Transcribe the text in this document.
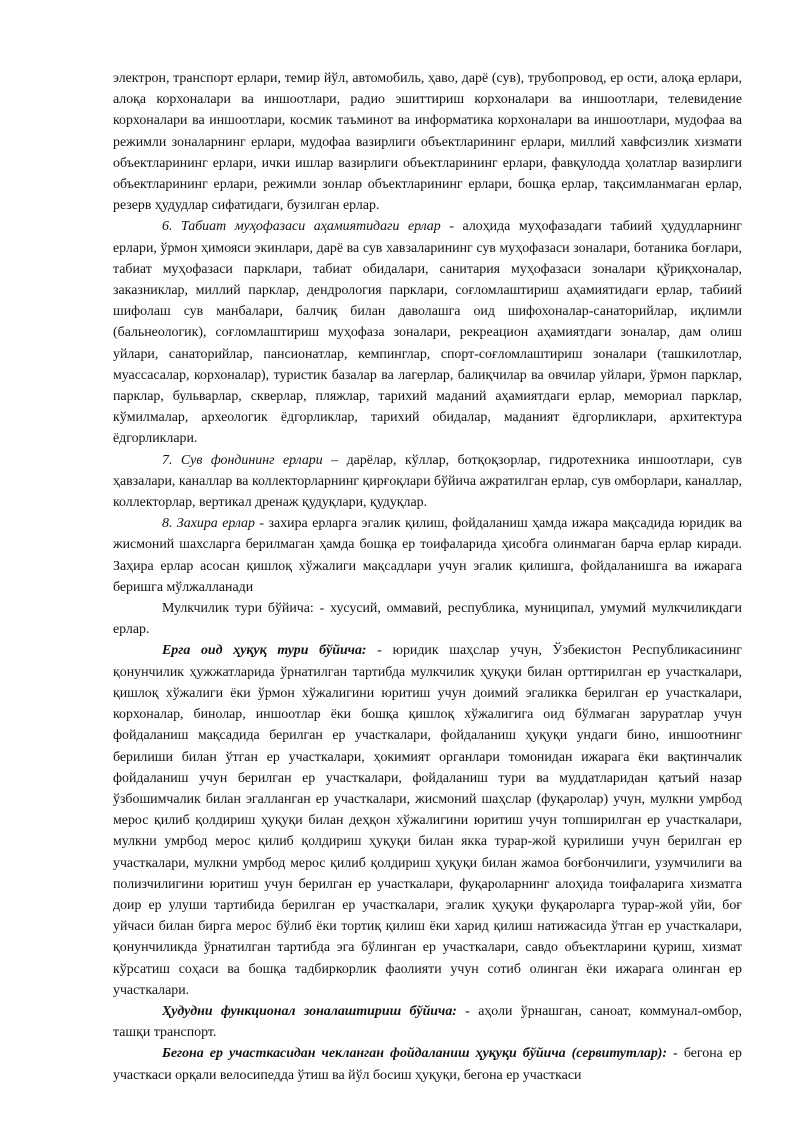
электрон, транспорт ерлари, темир йўл, автомобиль, ҳаво, дарё (сув), трубопровод, ер ости, алоқа ерлари, алоқа корхоналари ва иншоотлари, радио эшиттириш корхоналари ва иншоотлари, телевидение корхоналари ва иншоотлари, космик таъминот ва информатика корхоналари ва иншоотлари, мудофаа ва режимли зоналарнинг ерлари, мудофаа вазирлиги объектларининг ерлари, миллий хавфсизлик хизмати объектларининг ерлари, ички ишлар вазирлиги объектларининг ерлари, фавқулодда ҳолатлар вазирлиги объектларининг ерлари, режимли зонлар объектларининг ерлари, бошқа ерлар, тақсимланмаган ерлар, резерв ҳудудлар сифатидаги, бузилган ерлар.

6. Табиат муҳофазаси аҳамиятидаги ерлар - алоҳида муҳофазадаги табиий ҳудудларнинг ерлари, ўрмон ҳимояси экинлари, дарё ва сув хавзаларининг сув муҳофазаси зоналари, ботаника боғлари, табиат муҳофазаси парклари, табиат обидалари, санитария муҳофазаси зоналари қўриқхоналар, заказниклар, миллий парклар, дендрология парклари, соғломлаштириш аҳамиятидаги ерлар, табиий шифолаш сув манбалари, балчиқ билан даволашга оид шифохоналар-санаторийлар, иқлимли (бальнеологик), соғломлаштириш муҳофаза зоналари, рекреацион аҳамиятдаги зоналар, дам олиш уйлари, санаторийлар, пансионатлар, кемпинглар, спорт-соғломлаштириш зоналари (ташкилотлар, муассасалар, корхоналар), туристик базалар ва лагерлар, балиқчилар ва овчилар уйлари, ўрмон парклар, парклар, бульварлар, скверлар, пляжлар, тарихий маданий аҳамиятдаги ерлар, мемориал парклар, кўмилмалар, археологик ёдгорликлар, тарихий обидалар, маданият ёдгорликлари, архитектура ёдгорликлари.

7. Сув фондининг ерлари – дарёлар, кўллар, ботқоқзорлар, гидротехника иншоотлари, сув ҳавзалари, каналлар ва коллекторларнинг қирғоқлари бўйича ажратилган ерлар, сув омборлари, каналлар, коллекторлар, вертикал дренаж қудуқлари, қудуқлар.

8. Захира ерлар - захира ерларга эгалик қилиш, фойдаланиш ҳамда ижара мақсадида юридик ва жисмоний шахсларга берилмаган ҳамда бошқа ер тоифаларида ҳисобга олинмаган барча ерлар киради. Заҳира ерлар асосан қишлоқ хўжалиги мақсадлари учун эгалик қилишга, фойдаланишга ва ижарага беришга мўлжалланади

Мулкчилик тури бўйича: - хусусий, оммавий, республика, муниципал, умумий мулкчиликдаги ерлар.

Ерга оид ҳуқуқ тури бўйича: - юридик шаҳслар учун, Ўзбекистон Республикасининг қонунчилик ҳужжатларида ўрнатилган тартибда мулкчилик ҳуқуқи билан орттирилган ер участкалари, қишлоқ хўжалиги ёки ўрмон хўжалигини юритиш учун доимий эгаликка берилган ер участкалари, корхоналар, бинолар, иншоотлар ёки бошқа қишлоқ хўжалигига оид бўлмаган заруратлар учун фойдаланиш мақсадида берилган ер участкалари, фойдаланиш ҳуқуқи ундаги бино, иншоотнинг берилиши билан ўтган ер участкалари, ҳокимият органлари томонидан ижарага ёки вақтинчалик фойдаланиш учун берилган ер участкалари, фойдаланиш тури ва муддатларидан қатъий назар ўзбошимчалик билан эгалланган ер участкалари, жисмоний шаҳслар (фуқаролар) учун, мулкни умрбод мерос қилиб қолдириш ҳуқуқи билан деҳқон хўжалигини юритиш учун топширилган ер участкалари, мулкни умрбод мерос қилиб қолдириш ҳуқуқи билан якка турар-жой қурилиши учун берилган ер участкалари, мулкни умрбод мерос қилиб қолдириш ҳуқуқи билан жамоа боғбончилиги, узумчилиги ва полизчилигини юритиш учун берилган ер участкалари, фуқароларнинг алоҳида тоифаларига хизматга доир ер улуши тартибида берилган ер участкалари, эгалик ҳуқуқи фуқароларга турар-жой уйи, боғ уйчаси билан бирга мерос бўлиб ёки тортиқ қилиш ёки харид қилиш натижасида ўтган ер участкалари, қонунчиликда ўрнатилган тартибда эга бўлинган ер участкалари, савдо объектларини қуриш, хизмат кўрсатиш соҳаси ва бошқа тадбиркорлик фаолияти учун сотиб олинган ёки ижарага олинган ер участкалари.

Ҳудудни функционал зоналаштириш бўйича: - аҳоли ўрнашган, саноат, коммунал-омбор, ташқи транспорт.

Бегона ер участкасидан чекланган фойдаланиш ҳуқуқи бўйича (сервитутлар): - бегона ер участкаси орқали велосипедда ўтиш ва йўл босиш ҳуқуқи, бегона ер участкаси
